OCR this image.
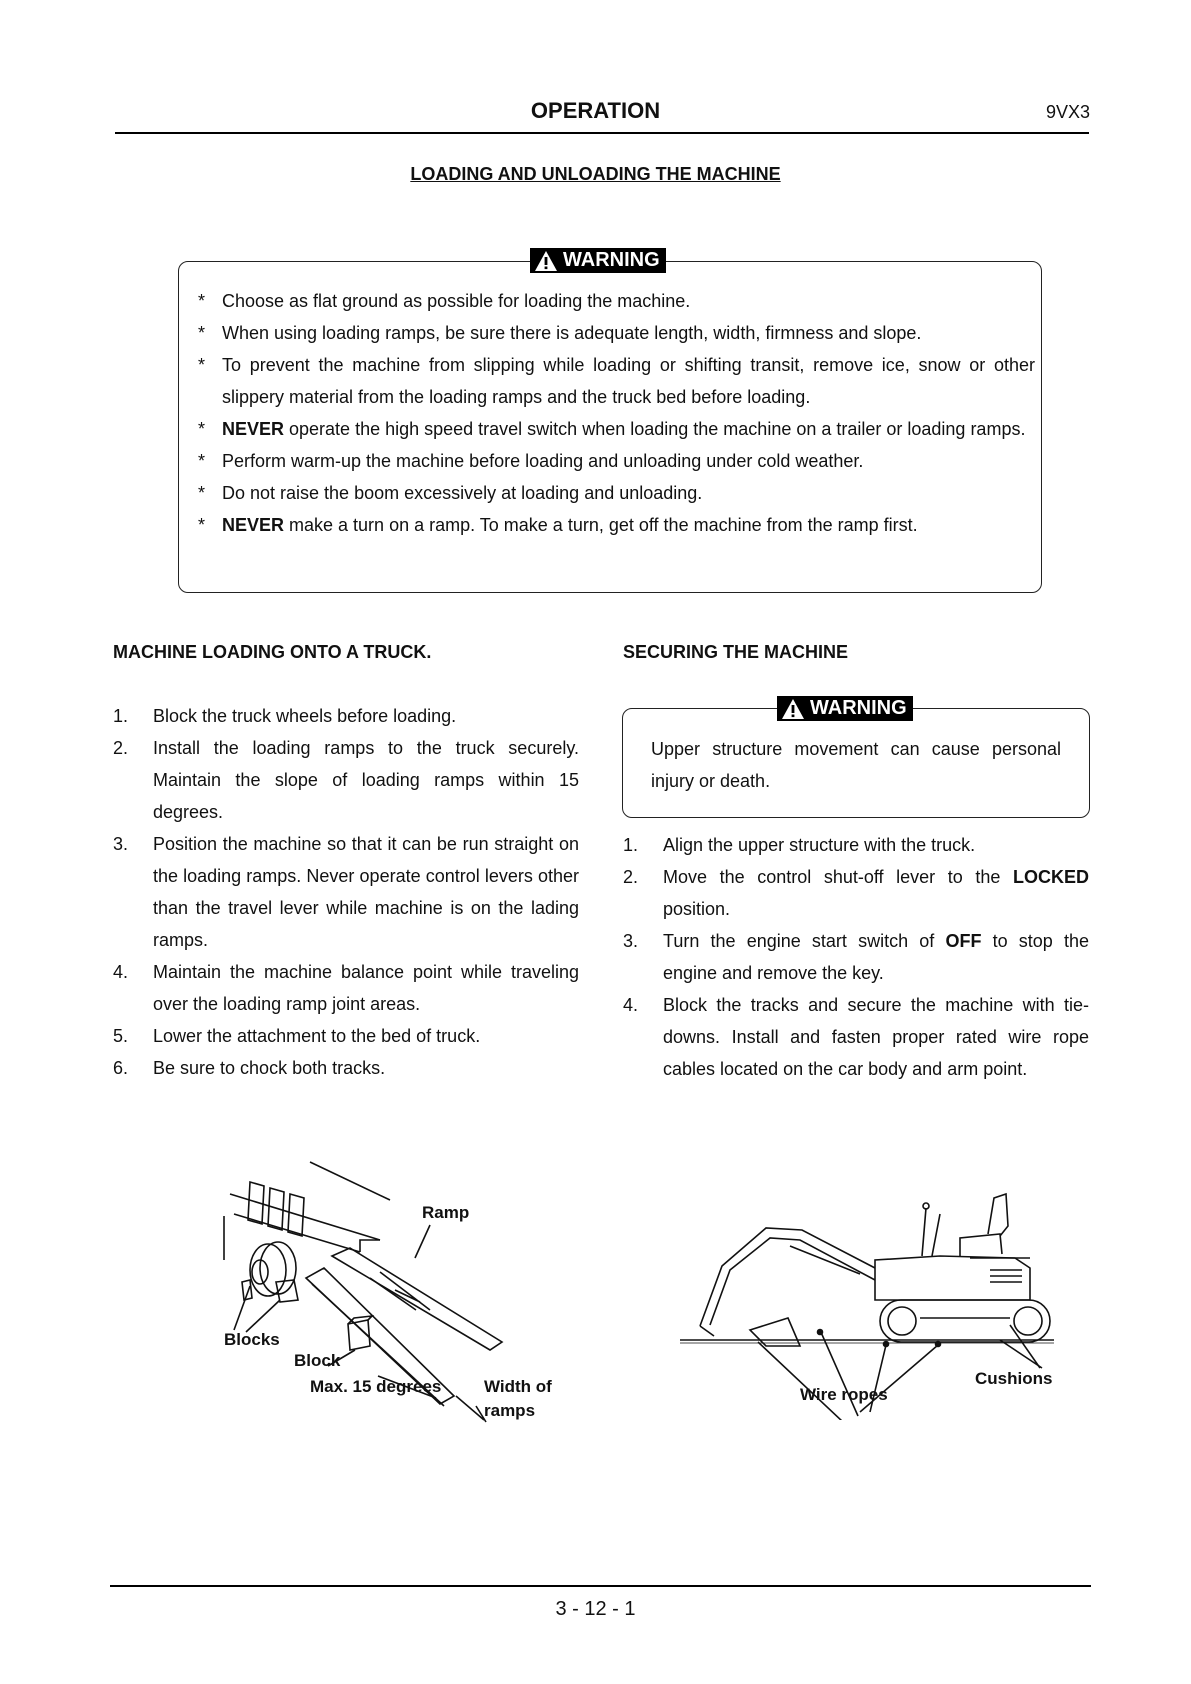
OPERATION	9VX3
LOADING AND UNLOADING THE MACHINE
WARNING
* Choose as flat ground as possible for loading the machine.
* When using loading ramps, be sure there is adequate length, width, firmness and slope.
* To prevent the machine from slipping while loading or shifting transit, remove ice, snow or other slippery material from the loading ramps and the truck bed before loading.
* NEVER operate the high speed travel switch when loading the machine on a trailer or loading ramps.
* Perform warm-up the machine before loading and unloading under cold weather.
* Do not raise the boom excessively at loading and unloading.
* NEVER make a turn on a ramp. To make a turn, get off the machine from the ramp first.
MACHINE LOADING ONTO A TRUCK.
1. Block the truck wheels before loading.
2. Install the loading ramps to the truck securely. Maintain the slope of loading ramps within 15 degrees.
3. Position the machine so that it can be run straight on the loading ramps. Never operate control levers other than the travel lever while machine is on the lading ramps.
4. Maintain the machine balance point while traveling over the loading ramp joint areas.
5. Lower the attachment to the bed of truck.
6. Be sure to chock both tracks.
SECURING THE MACHINE
WARNING
Upper structure movement can cause personal injury or death.
1. Align the upper structure with the truck.
2. Move the control shut-off lever to the LOCKED position.
3. Turn the engine start switch of OFF to stop the engine and remove the key.
4. Block the tracks and secure the machine with tie-downs. Install and fasten proper rated wire rope cables located on the car body and arm point.
Ramp
Blocks
Block
Max. 15 degrees	Width of
ramps
Cushions
Wire ropes
3 - 12 - 1
